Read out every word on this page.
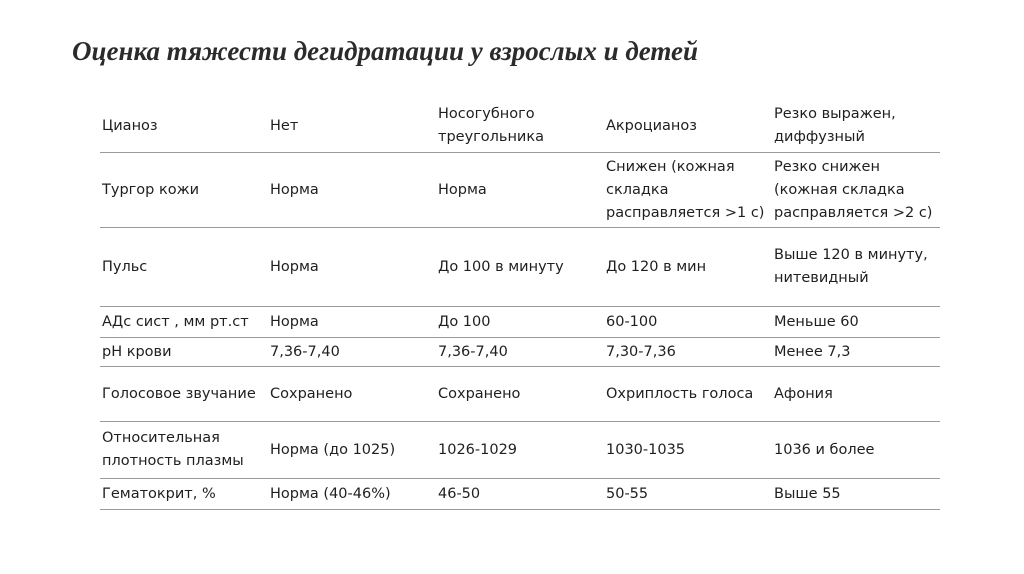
Оценка тяжести дегидратации у взрослых и детей
Цианоз	Нет	Носогубного треугольника	Акроцианоз	Резко выражен, диффузный
Тургор кожи	Норма	Норма	Снижен (кожная складка расправляется >1 с)	Резко снижен (кожная складка расправляется >2 с)
Пульс	Норма	До 100 в минуту	До 120 в мин	Выше 120 в минуту, нитевидный
АДс сист , мм рт.ст	Норма	До 100	60-100	Меньше 60
рН крови	7,36-7,40	7,36-7,40	7,30-7,36	Менее 7,3
Голосовое звучание	Сохранено	Сохранено	Охриплость голоса	Афония
Относительная плотность плазмы	Норма (до 1025)	1026-1029	1030-1035	1036 и более
Гематокрит, %	Норма (40-46%)	46-50	50-55	Выше 55
